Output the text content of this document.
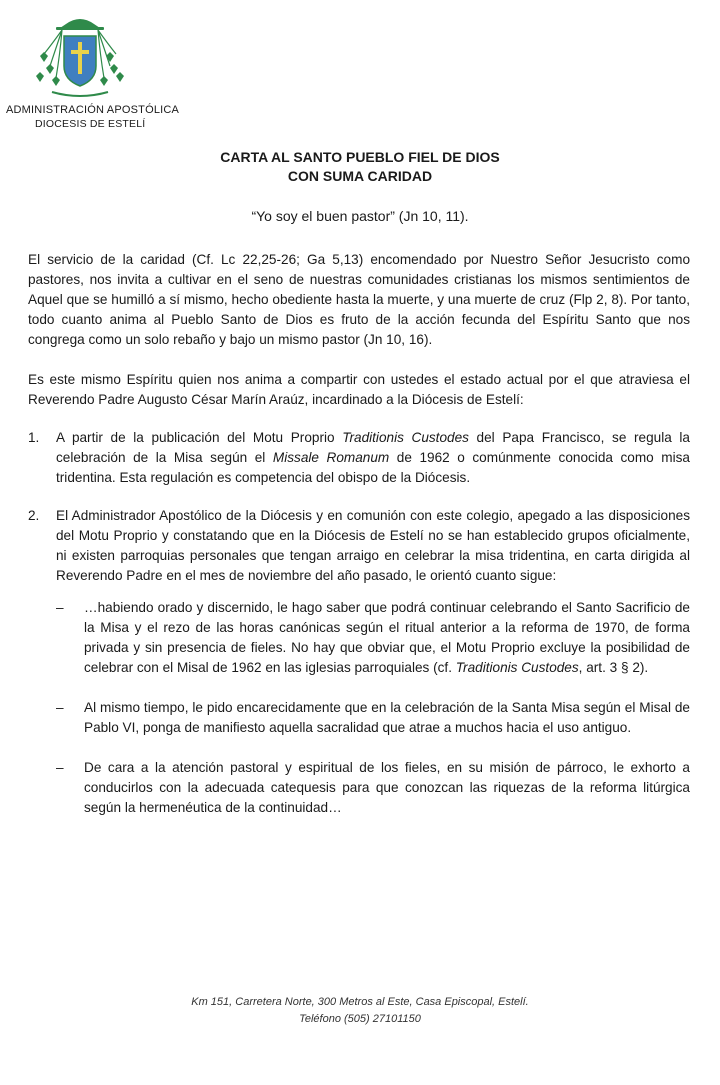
ADMINISTRACIÓN APOSTÓLICA
DIOCESIS DE ESTELÍ
CARTA AL SANTO PUEBLO FIEL DE DIOS
CON SUMA CARIDAD
“Yo soy el buen pastor” (Jn 10, 11).

El servicio de la caridad (Cf. Lc 22,25-26; Ga 5,13) encomendado por Nuestro Señor Jesucristo como pastores, nos invita a cultivar en el seno de nuestras comunidades cristianas los mismos sentimientos de Aquel que se humilló a sí mismo, hecho obediente hasta la muerte, y una muerte de cruz (Flp 2, 8). Por tanto, todo cuanto anima al Pueblo Santo de Dios es fruto de la acción fecunda del Espíritu Santo que nos congrega como un solo rebaño y bajo un mismo pastor (Jn 10, 16).

Es este mismo Espíritu quien nos anima a compartir con ustedes el estado actual por el que atraviesa el Reverendo Padre Augusto César Marín Araúz, incardinado a la Diócesis de Estelí:

1.	A partir de la publicación del Motu Proprio Traditionis Custodes del Papa Francisco, se regula la celebración de la Misa según el Missale Romanum de 1962 o comúnmente conocida como misa tridentina. Esta regulación es competencia del obispo de la Diócesis.
2.	El Administrador Apostólico de la Diócesis y en comunión con este colegio, apegado a las disposiciones del Motu Proprio y constatando que en la Diócesis de Estelí no se han establecido grupos oficialmente, ni existen parroquias personales que tengan arraigo en celebrar la misa tridentina, en carta dirigida al Reverendo Padre en el mes de noviembre del año pasado, le orientó cuanto sigue:
–	…habiendo orado y discernido, le hago saber que podrá continuar celebrando el Santo Sacrificio de la Misa y el rezo de las horas canónicas según el ritual anterior a la reforma de 1970, de forma privada y sin presencia de fieles. No hay que obviar que, el Motu Proprio excluye la posibilidad de celebrar con el Misal de 1962 en las iglesias parroquiales (cf. Traditionis Custodes, art. 3 § 2).
–	Al mismo tiempo, le pido encarecidamente que en la celebración de la Santa Misa según el Misal de Pablo VI, ponga de manifiesto aquella sacralidad que atrae a muchos hacia el uso antiguo.
–	De cara a la atención pastoral y espiritual de los fieles, en su misión de párroco, le exhorto a conducirlos con la adecuada catequesis para que conozcan las riquezas de la reforma litúrgica según la hermenéutica de la continuidad…
Km 151, Carretera Norte, 300 Metros al Este, Casa Episcopal, Estelí.
Teléfono (505) 27101150
